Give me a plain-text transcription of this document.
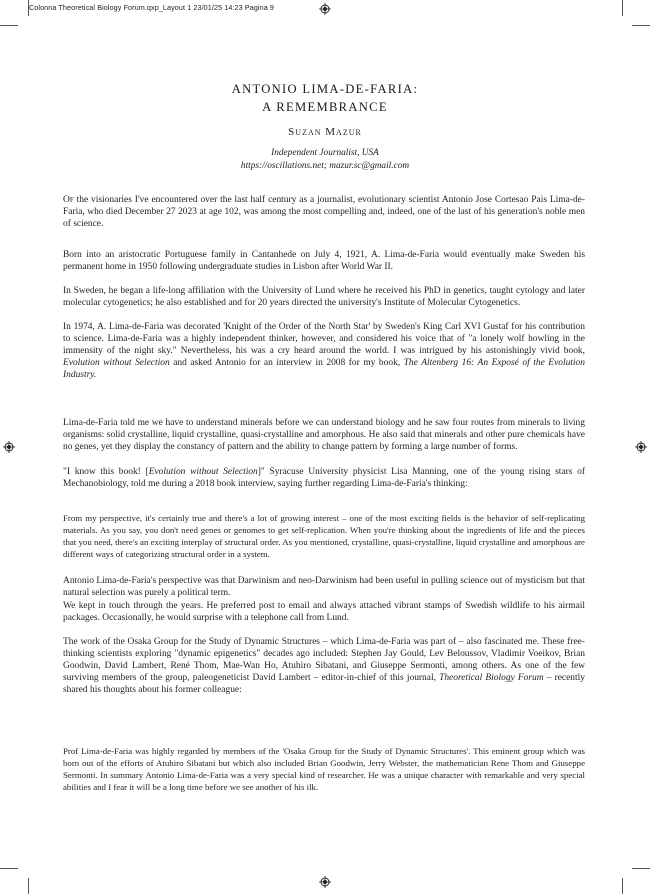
Colonna Theoretical Biology Forum.qxp_Layout 1 23/01/25 14:23 Pagina 9
ANTONIO LIMA-DE-FARIA:
A REMEMBRANCE
Suzan Mazur
Independent Journalist, USA
https://oscillations.net; mazur.sc@gmail.com

Of the visionaries I've encountered over the last half century as a journalist, evolutionary scientist Antonio Jose Cortesao Pais Lima-de-Faria, who died December 27 2023 at age 102, was among the most compelling and, indeed, one of the last of his generation's noble men of science.

Born into an aristocratic Portuguese family in Cantanhede on July 4, 1921, A. Lima-de-Faria would eventually make Sweden his permanent home in 1950 following undergraduate studies in Lisbon after World War II.

In Sweden, he began a life-long affiliation with the University of Lund where he received his PhD in genetics, taught cytology and later molecular cytogenetics; he also established and for 20 years directed the university's Institute of Molecular Cytogenetics.

In 1974, A. Lima-de-Faria was decorated 'Knight of the Order of the North Star' by Sweden's King Carl XVI Gustaf for his contribution to science. Lima-de-Faria was a highly independent thinker, however, and considered his voice that of "a lonely wolf howling in the immensity of the night sky." Nevertheless, his was a cry heard around the world. I was intrigued by his astonishingly vivid book, Evolution without Selection and asked Antonio for an interview in 2008 for my book, The Altenberg 16: An Exposé of the Evolution Industry.

Lima-de-Faria told me we have to understand minerals before we can understand biology and he saw four routes from minerals to living organisms: solid crystalline, liquid crystalline, quasi-crystalline and amorphous. He also said that minerals and other pure chemicals have no genes, yet they display the constancy of pattern and the ability to change pattern by forming a large number of forms.

"I know this book! [Evolution without Selection]" Syracuse University physicist Lisa Manning, one of the young rising stars of Mechanobiology, told me during a 2018 book interview, saying further regarding Lima-de-Faria's thinking:

From my perspective, it's certainly true and there's a lot of growing interest – one of the most exciting fields is the behavior of self-replicating materials. As you say, you don't need genes or genomes to get self-replication. When you're thinking about the ingredients of life and the pieces that you need, there's an exciting interplay of structural order. As you mentioned, crystalline, quasi-crystalline, liquid crystalline and amorphous are different ways of categorizing structural order in a system.

Antonio Lima-de-Faria's perspective was that Darwinism and neo-Darwinism had been useful in pulling science out of mysticism but that natural selection was purely a political term.

We kept in touch through the years. He preferred post to email and always attached vibrant stamps of Swedish wildlife to his airmail packages. Occasionally, he would surprise with a telephone call from Lund.

The work of the Osaka Group for the Study of Dynamic Structures – which Lima-de-Faria was part of – also fascinated me. These free-thinking scientists exploring "dynamic epigenetics" decades ago included: Stephen Jay Gould, Lev Beloussov, Vladimir Voeikov, Brian Goodwin, David Lambert, René Thom, Mae-Wan Ho, Atuhiro Sibatani, and Giuseppe Sermonti, among others. As one of the few surviving members of the group, paleogeneticist David Lambert – editor-in-chief of this journal, Theoretical Biology Forum – recently shared his thoughts about his former colleague:

Prof Lima-de-Faria was highly regarded by members of the 'Osaka Group for the Study of Dynamic Structures'. This eminent group which was born out of the efforts of Atuhiro Sibatani but which also included Brian Goodwin, Jerry Webster, the mathematician Rene Thom and Giuseppe Sermonti. In summary Antonio Lima-de-Faria was a very special kind of researcher. He was a unique character with remarkable and very special abilities and I fear it will be a long time before we see another of his ilk.
